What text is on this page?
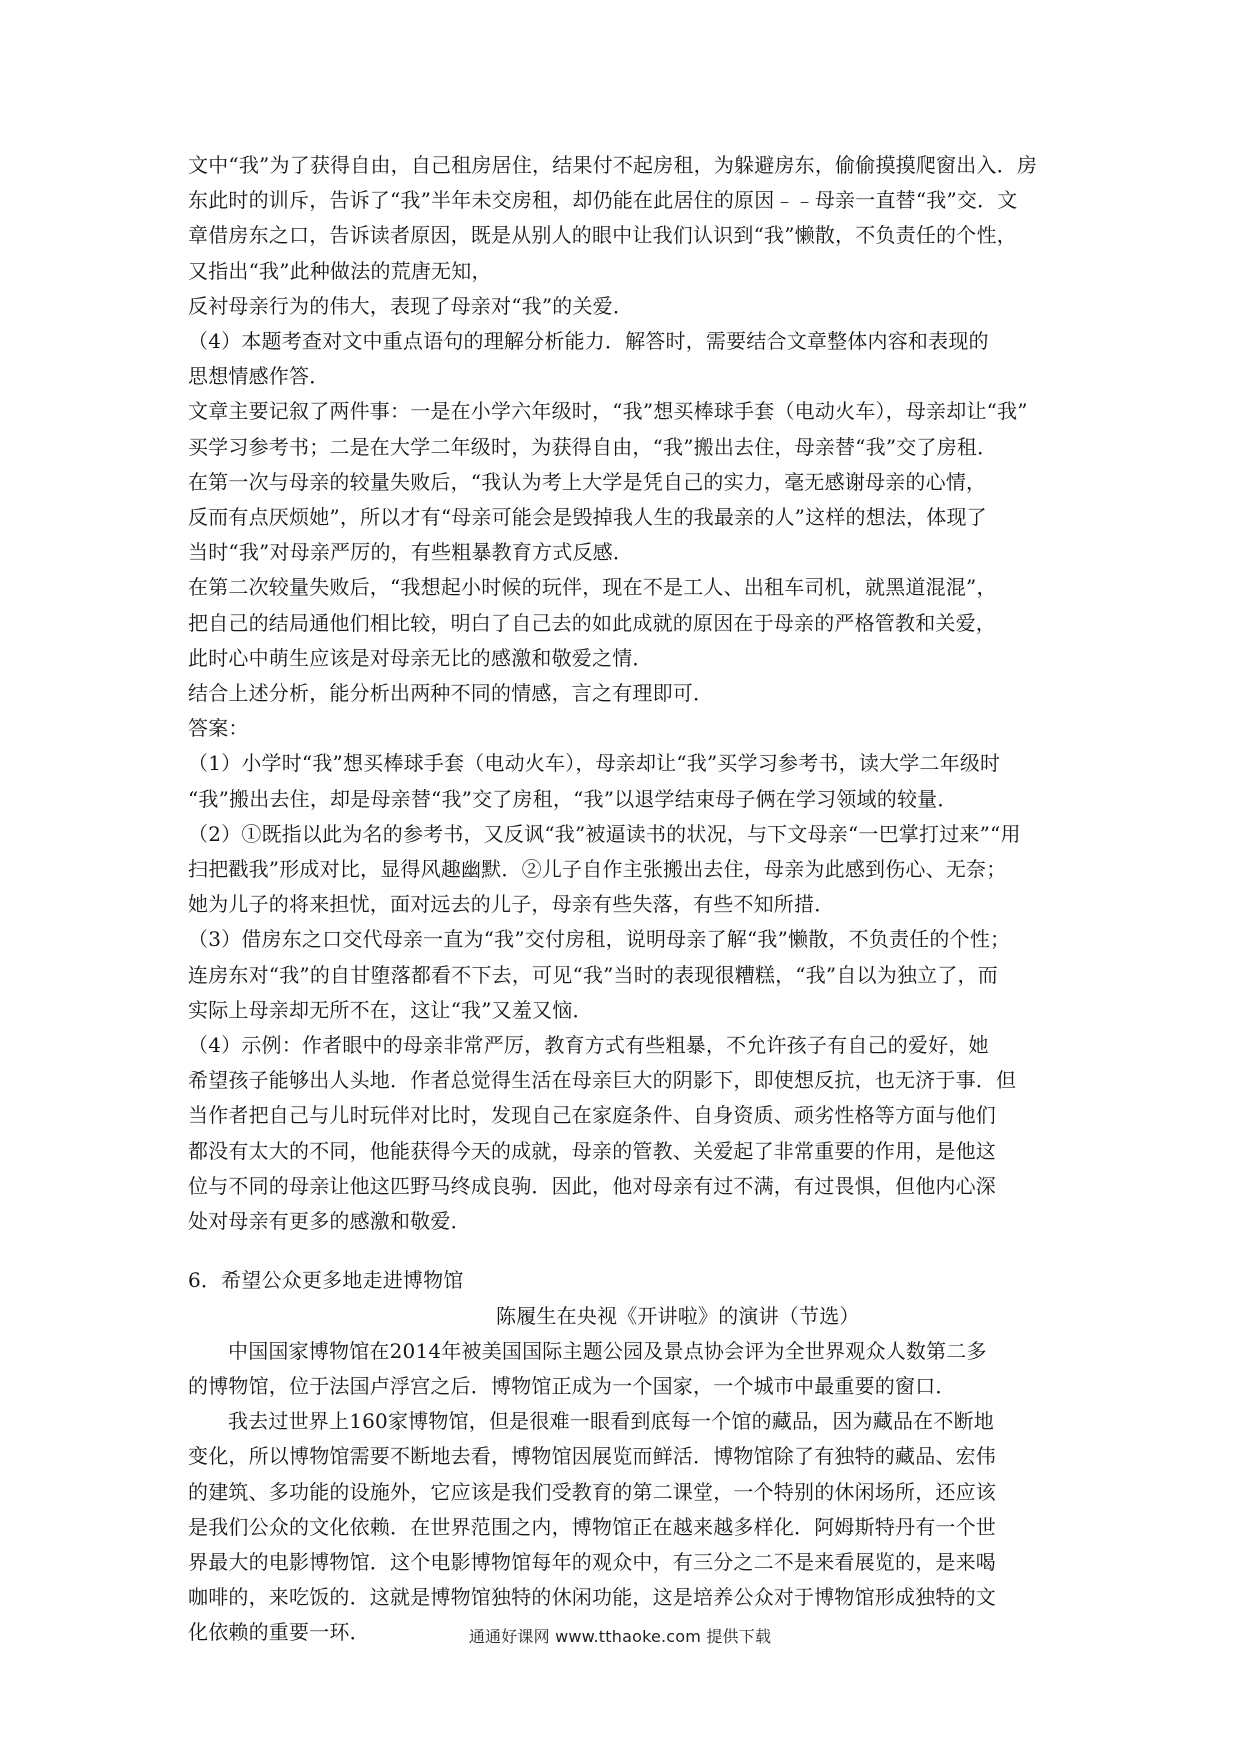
文中“我”为了获得自由，自己租房居住，结果付不起房租，为躲避房东，偷偷摸摸爬窗出入．房

东此时的训斥，告诉了“我”半年未交房租，却仍能在此居住的原因﹣﹣母亲一直替“我”交．文

章借房东之口，告诉读者原因，既是从别人的眼中让我们认识到“我”懒散，不负责任的个性，

又指出“我”此种做法的荒唐无知，

反衬母亲行为的伟大，表现了母亲对“我”的关爱．

（4）本题考查对文中重点语句的理解分析能力．解答时，需要结合文章整体内容和表现的

思想情感作答．

文章主要记叙了两件事：一是在小学六年级时，“我”想买棒球手套（电动火车），母亲却让“我”

买学习参考书；二是在大学二年级时，为获得自由，“我”搬出去住，母亲替“我”交了房租．

在第一次与母亲的较量失败后，“我认为考上大学是凭自己的实力，毫无感谢母亲的心情，

反而有点厌烦她”，所以才有“母亲可能会是毁掉我人生的我最亲的人”这样的想法，体现了

当时“我”对母亲严厉的，有些粗暴教育方式反感．

在第二次较量失败后，“我想起小时候的玩伴，现在不是工人、出租车司机，就黑道混混”，

把自己的结局通他们相比较，明白了自己去的如此成就的原因在于母亲的严格管教和关爱，

此时心中萌生应该是对母亲无比的感激和敬爱之情．

结合上述分析，能分析出两种不同的情感，言之有理即可．

答案：

（1）小学时“我”想买棒球手套（电动火车），母亲却让“我”买学习参考书，读大学二年级时

“我”搬出去住，却是母亲替“我”交了房租，“我”以退学结束母子俩在学习领域的较量．

（2）①既指以此为名的参考书，又反讽“我”被逼读书的状况，与下文母亲“一巴掌打过来”“用

扫把戳我”形成对比，显得风趣幽默．②儿子自作主张搬出去住，母亲为此感到伤心、无奈；

她为儿子的将来担忧，面对远去的儿子，母亲有些失落，有些不知所措．

（3）借房东之口交代母亲一直为“我”交付房租，说明母亲了解“我”懒散，不负责任的个性；

连房东对“我”的自甘堕落都看不下去，可见“我”当时的表现很糟糕，“我”自以为独立了，而

实际上母亲却无所不在，这让“我”又羞又恼．

（4）示例：作者眼中的母亲非常严厉，教育方式有些粗暴，不允许孩子有自己的爱好，她

希望孩子能够出人头地．作者总觉得生活在母亲巨大的阴影下，即使想反抗，也无济于事．但

当作者把自己与儿时玩伴对比时，发现自己在家庭条件、自身资质、顽劣性格等方面与他们

都没有太大的不同，他能获得今天的成就，母亲的管教、关爱起了非常重要的作用，是他这

位与不同的母亲让他这匹野马终成良驹．因此，他对母亲有过不满，有过畏惧，但他内心深

处对母亲有更多的感激和敬爱．

6．希望公众更多地走进博物馆

陈履生在央视《开讲啦》的演讲（节选）

中国国家博物馆在2014年被美国国际主题公园及景点协会评为全世界观众人数第二多

的博物馆，位于法国卢浮宫之后．博物馆正成为一个国家，一个城市中最重要的窗口．

我去过世界上160家博物馆，但是很难一眼看到底每一个馆的藏品，因为藏品在不断地

变化，所以博物馆需要不断地去看，博物馆因展览而鲜活．博物馆除了有独特的藏品、宏伟

的建筑、多功能的设施外，它应该是我们受教育的第二课堂，一个特别的休闲场所，还应该

是我们公众的文化依赖．在世界范围之内，博物馆正在越来越多样化．阿姆斯特丹有一个世

界最大的电影博物馆．这个电影博物馆每年的观众中，有三分之二不是来看展览的，是来喝

咖啡的，来吃饭的．这就是博物馆独特的休闲功能，这是培养公众对于博物馆形成独特的文

化依赖的重要一环．	通通好课网 www.tthaoke.com 提供下载
